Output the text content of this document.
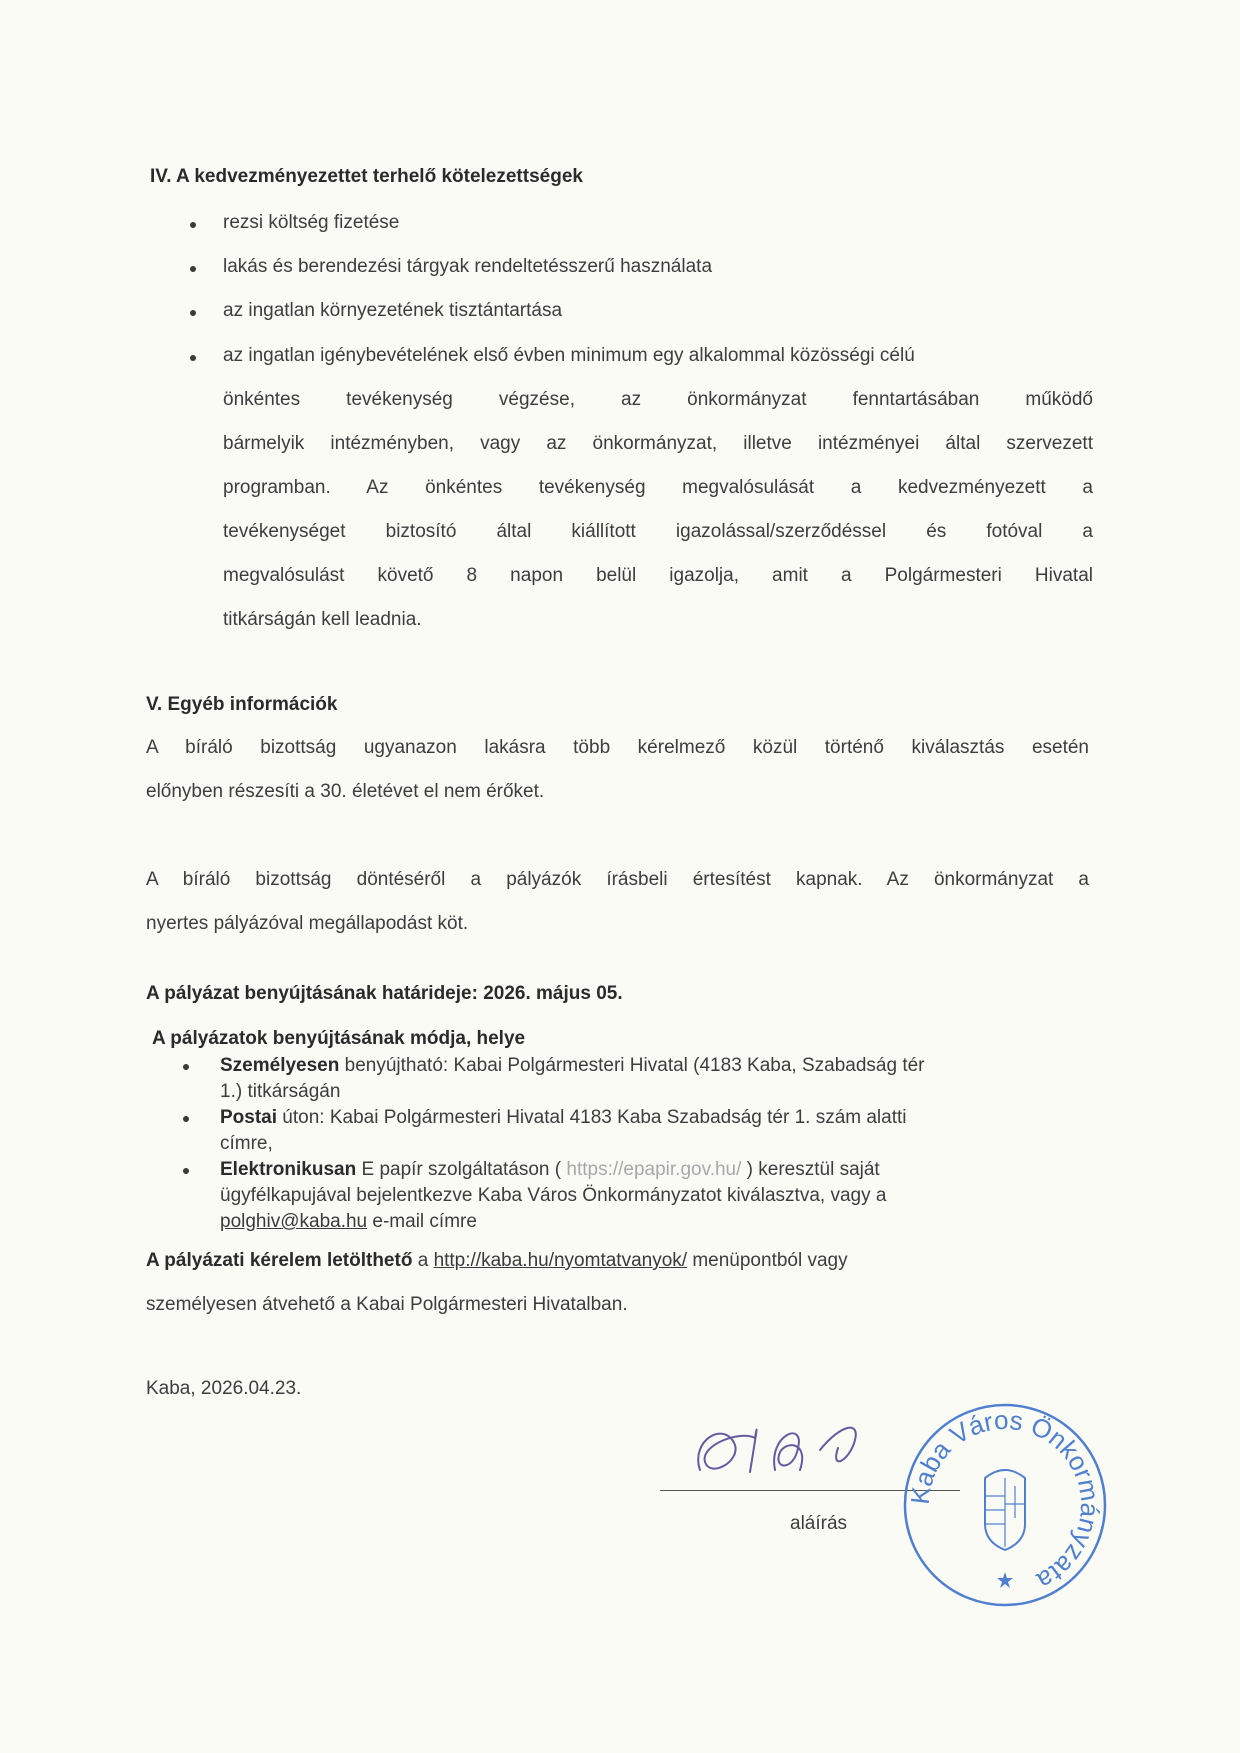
IV. A kedvezményezettet terhelő kötelezettségek
rezsi költség fizetése
lakás és berendezési tárgyak rendeltetésszerű használata
az ingatlan környezetének tisztántartása

az ingatlan igénybevételének első évben minimum egy alkalommal közösségi célú

önkéntes tevékenység végzése, az önkormányzat fenntartásában működő

bármelyik intézményben, vagy az önkormányzat, illetve intézményei által szervezett

programban. Az önkéntes tevékenység megvalósulását a kedvezményezett a

tevékenységet biztosító által kiállított igazolással/szerződéssel és fotóval a

megvalósulást követő 8 napon belül igazolja, amit a Polgármesteri Hivatal

titkárságán kell leadnia.

V. Egyéb információk

A bíráló bizottság ugyanazon lakásra több kérelmező közül történő kiválasztás esetén

előnyben részesíti a 30. életévet el nem érőket.

A bíráló bizottság döntéséről a pályázók írásbeli értesítést kapnak. Az önkormányzat a

nyertes pályázóval megállapodást köt.

A pályázat benyújtásának határideje: 2026. május 05.
A pályázatok benyújtásának módja, helye

Személyesen benyújtható: Kabai Polgármesteri Hivatal (4183 Kaba, Szabadság tér

1.) titkárságán

Postai úton: Kabai Polgármesteri Hivatal 4183 Kaba Szabadság tér 1. szám alatti

címre,

Elektronikusan E papír szolgáltatáson ( https://epapir.gov.hu/ ) keresztül saját

ügyfélkapujával bejelentkezve Kaba Város Önkormányzatot kiválasztva, vagy a

polghiv@kaba.hu e-mail címre

A pályázati kérelem letölthető a http://kaba.hu/nyomtatvanyok/ menüpontból vagy

személyesen átvehető a Kabai Polgármesteri Hivatalban.

Kaba, 2026.04.23.
aláírás
Kaba Város Önkormányzata
